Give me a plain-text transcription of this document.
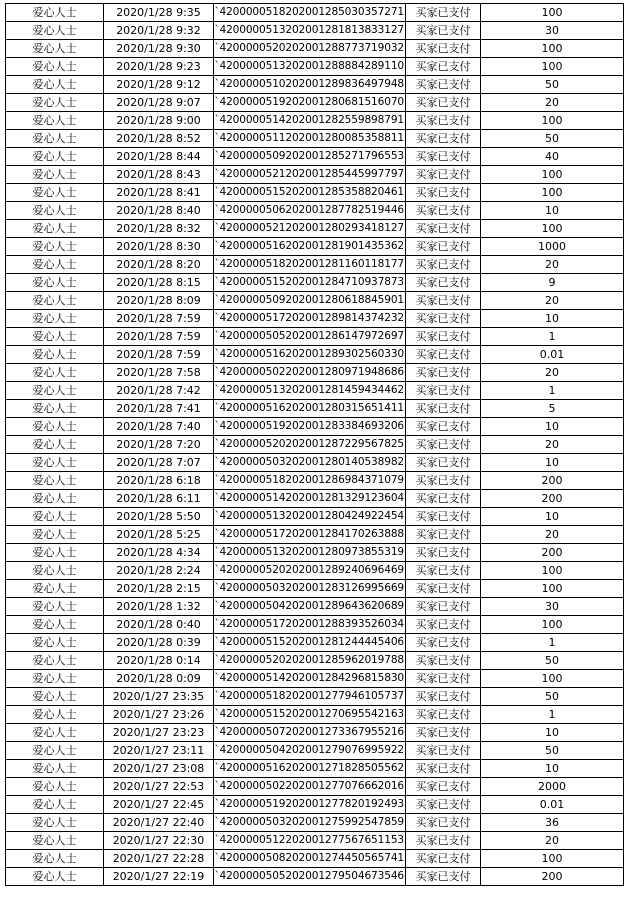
爱心人士	2020/1/28 9:35	`4200000518202001285030357271	买家已支付	100
爱心人士	2020/1/28 9:32	`4200000513202001281813833127	买家已支付	30
爱心人士	2020/1/28 9:30	`4200000520202001288773719032	买家已支付	100
爱心人士	2020/1/28 9:23	`4200000513202001288884289110	买家已支付	100
爱心人士	2020/1/28 9:12	`4200000510202001289836497948	买家已支付	50
爱心人士	2020/1/28 9:07	`4200000519202001280681516070	买家已支付	20
爱心人士	2020/1/28 9:00	`4200000514202001282559898791	买家已支付	100
爱心人士	2020/1/28 8:52	`4200000511202001280085358811	买家已支付	50
爱心人士	2020/1/28 8:44	`4200000509202001285271796553	买家已支付	40
爱心人士	2020/1/28 8:43	`4200000521202001285445997797	买家已支付	100
爱心人士	2020/1/28 8:41	`4200000515202001285358820461	买家已支付	100
爱心人士	2020/1/28 8:40	`4200000506202001287782519446	买家已支付	10
爱心人士	2020/1/28 8:32	`4200000521202001280293418127	买家已支付	100
爱心人士	2020/1/28 8:30	`4200000516202001281901435362	买家已支付	1000
爱心人士	2020/1/28 8:20	`4200000518202001281160118177	买家已支付	20
爱心人士	2020/1/28 8:15	`4200000515202001284710937873	买家已支付	9
爱心人士	2020/1/28 8:09	`4200000509202001280618845901	买家已支付	20
爱心人士	2020/1/28 7:59	`4200000517202001289814374232	买家已支付	10
爱心人士	2020/1/28 7:59	`4200000505202001286147972697	买家已支付	1
爱心人士	2020/1/28 7:59	`4200000516202001289302560330	买家已支付	0.01
爱心人士	2020/1/28 7:58	`4200000502202001280971948686	买家已支付	20
爱心人士	2020/1/28 7:42	`4200000513202001281459434462	买家已支付	1
爱心人士	2020/1/28 7:41	`4200000516202001280315651411	买家已支付	5
爱心人士	2020/1/28 7:40	`4200000519202001283384693206	买家已支付	10
爱心人士	2020/1/28 7:20	`4200000520202001287229567825	买家已支付	20
爱心人士	2020/1/28 7:07	`4200000503202001280140538982	买家已支付	10
爱心人士	2020/1/28 6:18	`4200000518202001286984371079	买家已支付	200
爱心人士	2020/1/28 6:11	`4200000514202001281329123604	买家已支付	200
爱心人士	2020/1/28 5:50	`4200000513202001280424922454	买家已支付	10
爱心人士	2020/1/28 5:25	`4200000517202001284170263888	买家已支付	20
爱心人士	2020/1/28 4:34	`4200000513202001280973855319	买家已支付	200
爱心人士	2020/1/28 2:24	`4200000520202001289240696469	买家已支付	100
爱心人士	2020/1/28 2:15	`4200000503202001283126995669	买家已支付	100
爱心人士	2020/1/28 1:32	`4200000504202001289643620689	买家已支付	30
爱心人士	2020/1/28 0:40	`4200000517202001288393526034	买家已支付	100
爱心人士	2020/1/28 0:39	`4200000515202001281244445406	买家已支付	1
爱心人士	2020/1/28 0:14	`4200000520202001285962019788	买家已支付	50
爱心人士	2020/1/28 0:09	`4200000514202001284296815830	买家已支付	100
爱心人士	2020/1/27 23:35	`4200000518202001277946105737	买家已支付	50
爱心人士	2020/1/27 23:26	`4200000515202001270695542163	买家已支付	1
爱心人士	2020/1/27 23:23	`4200000507202001273367955216	买家已支付	10
爱心人士	2020/1/27 23:11	`4200000504202001279076995922	买家已支付	50
爱心人士	2020/1/27 23:08	`4200000516202001271828505562	买家已支付	10
爱心人士	2020/1/27 22:53	`4200000502202001277076662016	买家已支付	2000
爱心人士	2020/1/27 22:45	`4200000519202001277820192493	买家已支付	0.01
爱心人士	2020/1/27 22:40	`4200000503202001275992547859	买家已支付	36
爱心人士	2020/1/27 22:30	`4200000512202001277567651153	买家已支付	20
爱心人士	2020/1/27 22:28	`4200000508202001274450565741	买家已支付	100
爱心人士	2020/1/27 22:19	`4200000505202001279504673546	买家已支付	200
